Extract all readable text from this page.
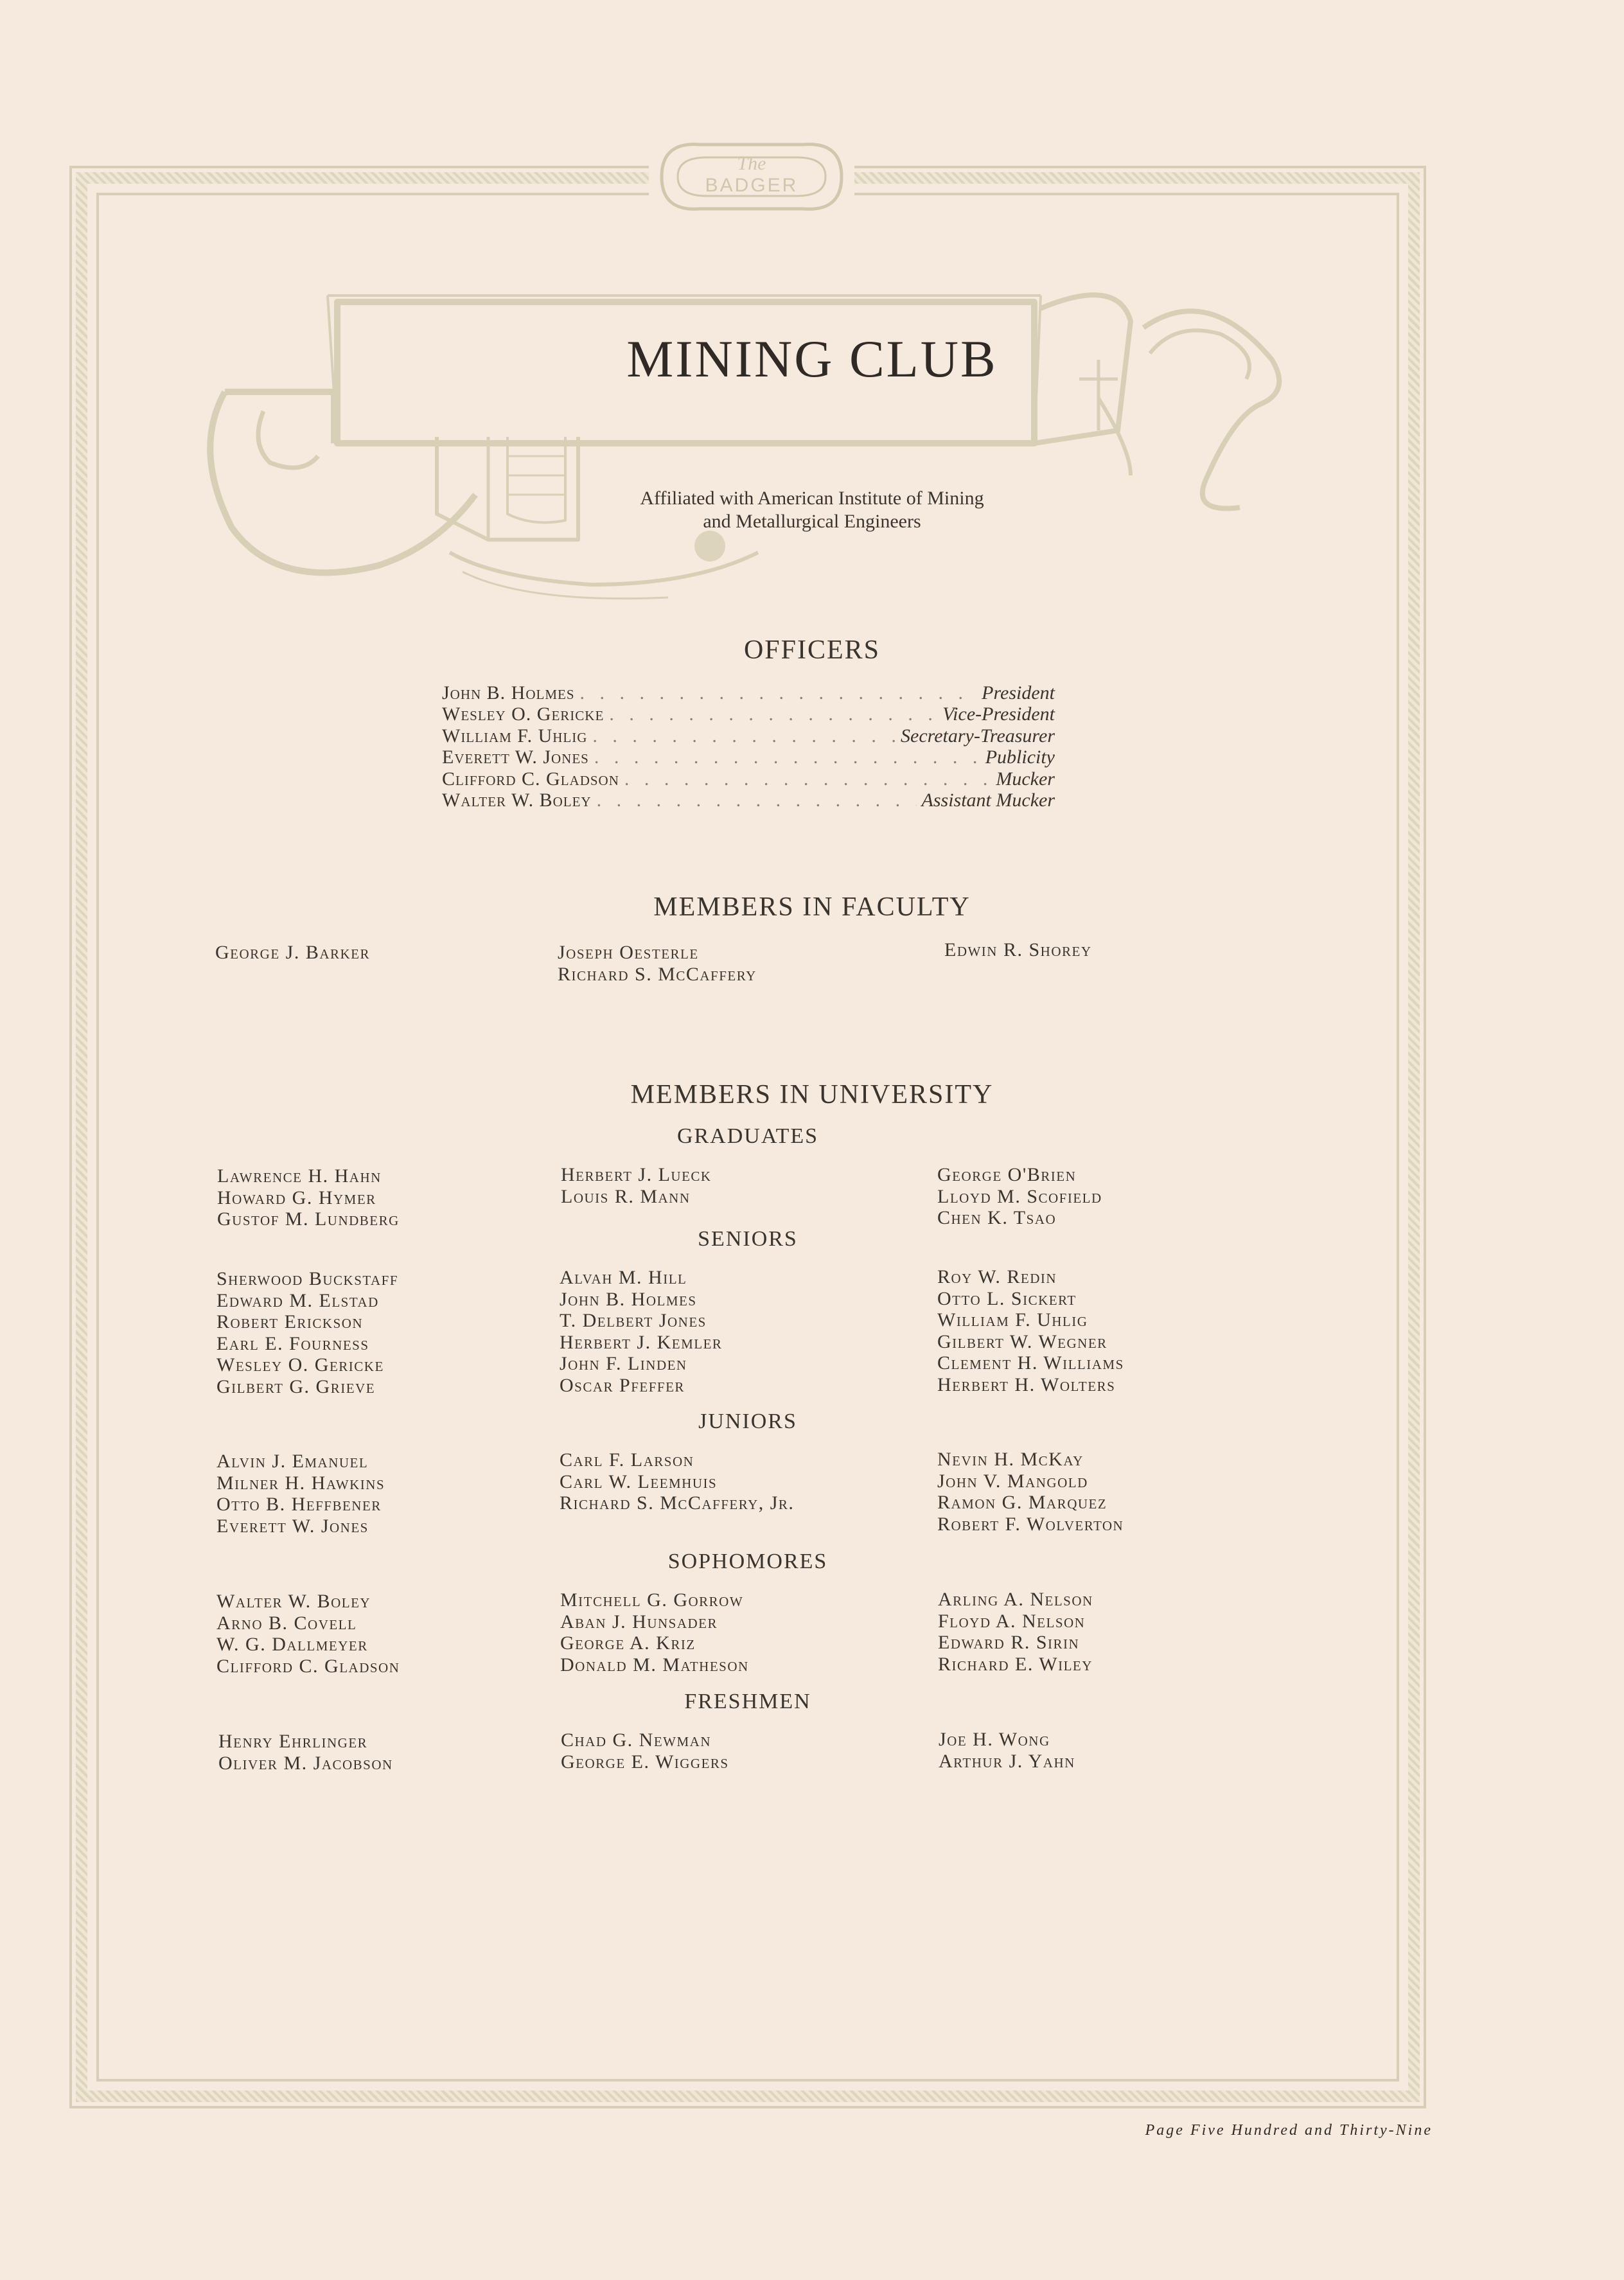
The
BADGER
MINING CLUB
Affiliated with American Institute of Mining
and Metallurgical Engineers
OFFICERS
John B. Holmes . . .	President
Wesley O. Gericke . . .	Vice-President
William F. Uhlig . . .	Secretary-Treasurer
Everett W. Jones . . .	Publicity
Clifford C. Gladson . . .	Mucker
Walter W. Boley . . .	Assistant Mucker
MEMBERS IN FACULTY
George J. Barker	Joseph Oesterle
Richard S. McCaffery
Edwin R. Shorey
MEMBERS IN UNIVERSITY
GRADUATES
Lawrence H. Hahn
Howard G. Hymer
Gustof M. Lundberg
Herbert J. Lueck
Louis R. Mann
George O'Brien
Lloyd M. Scofield
Chen K. Tsao
SENIORS
Sherwood Buckstaff
Edward M. Elstad
Robert Erickson
Earl E. Fourness
Wesley O. Gericke
Gilbert G. Grieve
Alvah M. Hill
John B. Holmes
T. Delbert Jones
Herbert J. Kemler
John F. Linden
Oscar Pfeffer
Roy W. Redin
Otto L. Sickert
William F. Uhlig
Gilbert W. Wegner
Clement H. Williams
Herbert H. Wolters
JUNIORS
Alvin J. Emanuel
Milner H. Hawkins
Otto B. Heffbener
Everett W. Jones
Carl F. Larson
Carl W. Leemhuis
Richard S. McCaffery, Jr.
Nevin H. McKay
John V. Mangold
Ramon G. Marquez
Robert F. Wolverton
SOPHOMORES
Walter W. Boley
Arno B. Covell
W. G. Dallmeyer
Clifford C. Gladson
Mitchell G. Gorrow
Aban J. Hunsader
George A. Kriz
Donald M. Matheson
Arling A. Nelson
Floyd A. Nelson
Edward R. Sirin
Richard E. Wiley
FRESHMEN
Henry Ehrlinger
Oliver M. Jacobson
Chad G. Newman
George E. Wiggers
Joe H. Wong
Arthur J. Yahn
Page Five Hundred and Thirty-Nine
